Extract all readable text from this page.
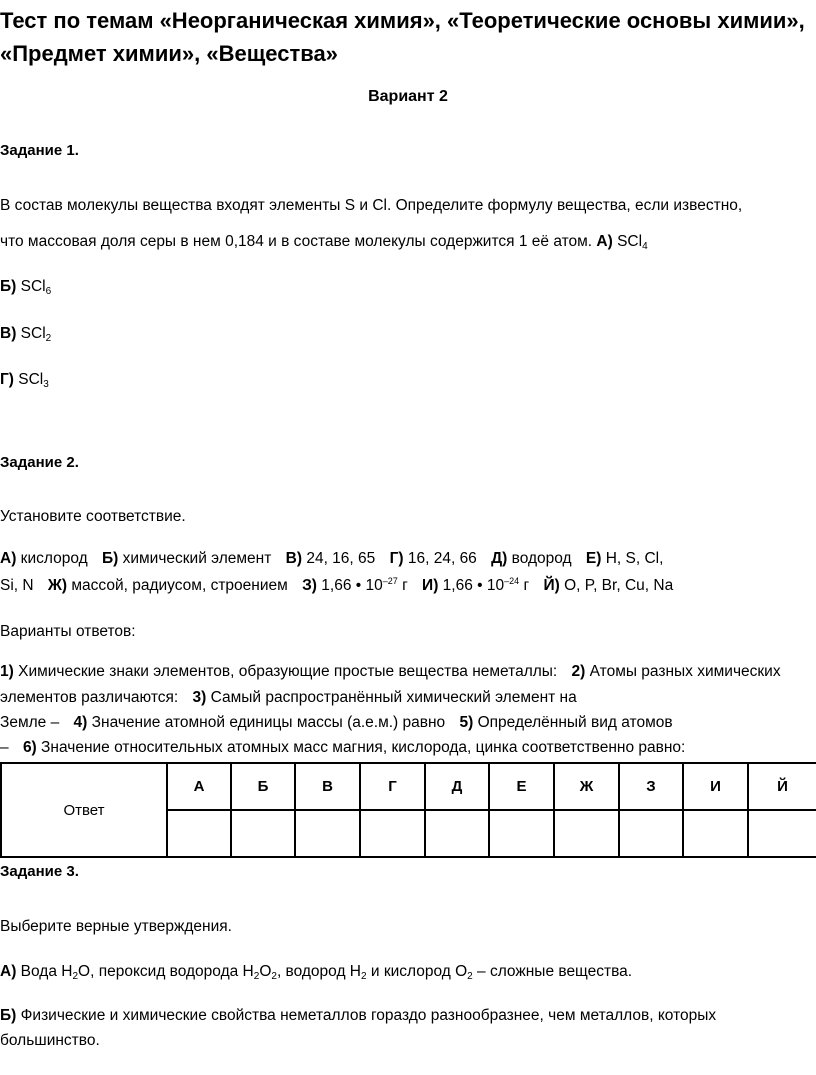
Тест по темам «Неорганическая химия», «Теоретические основы химии», «Предмет химии», «Вещества»
Вариант 2
Задание 1.
В состав молекулы вещества входят элементы S и Cl. Определите формулу вещества, если известно,
что массовая доля серы в нем 0,184 и в составе молекулы содержится 1 её атом. А) SCl$_4$
Б) SCl$_6$
В) SCl$_2$
Г) SCl$_3$
Задание 2.
Установите соответствие.
А) кислород Б) химический элемент В) 24, 16, 65 Г) 16, 24, 66 Д) водород Е) H, S, Cl,
Si, N Ж) массой, радиусом, строением З) 1,66 • $10^{-27}$ г И) 1,66 • $10^{-24}$ г Й) O, P, Br, Cu, Na
Варианты ответов:
1) Химические знаки элементов, образующие простые вещества неметаллы: 2) Атомы разных химических
элементов различаются: 3) Самый распространённый химический элемент на
Земле – 4) Значение атомной единицы массы (а.е.м.) равно 5) Определённый вид атомов
– 6) Значение относительных атомных масс магния, кислорода, цинка соответственно равно:
Ответ	А	Б	В	Г	Д	Е	Ж	З	И	Й

Задание 3.
Выберите верные утверждения.
А) Вода $H_2O$, пероксид водорода $H_2O_2$, водород $H_2$ и кислород $O_2$ – сложные вещества.
Б) Физические и химические свойства неметаллов гораздо разнообразнее, чем металлов, которых
большинство.
